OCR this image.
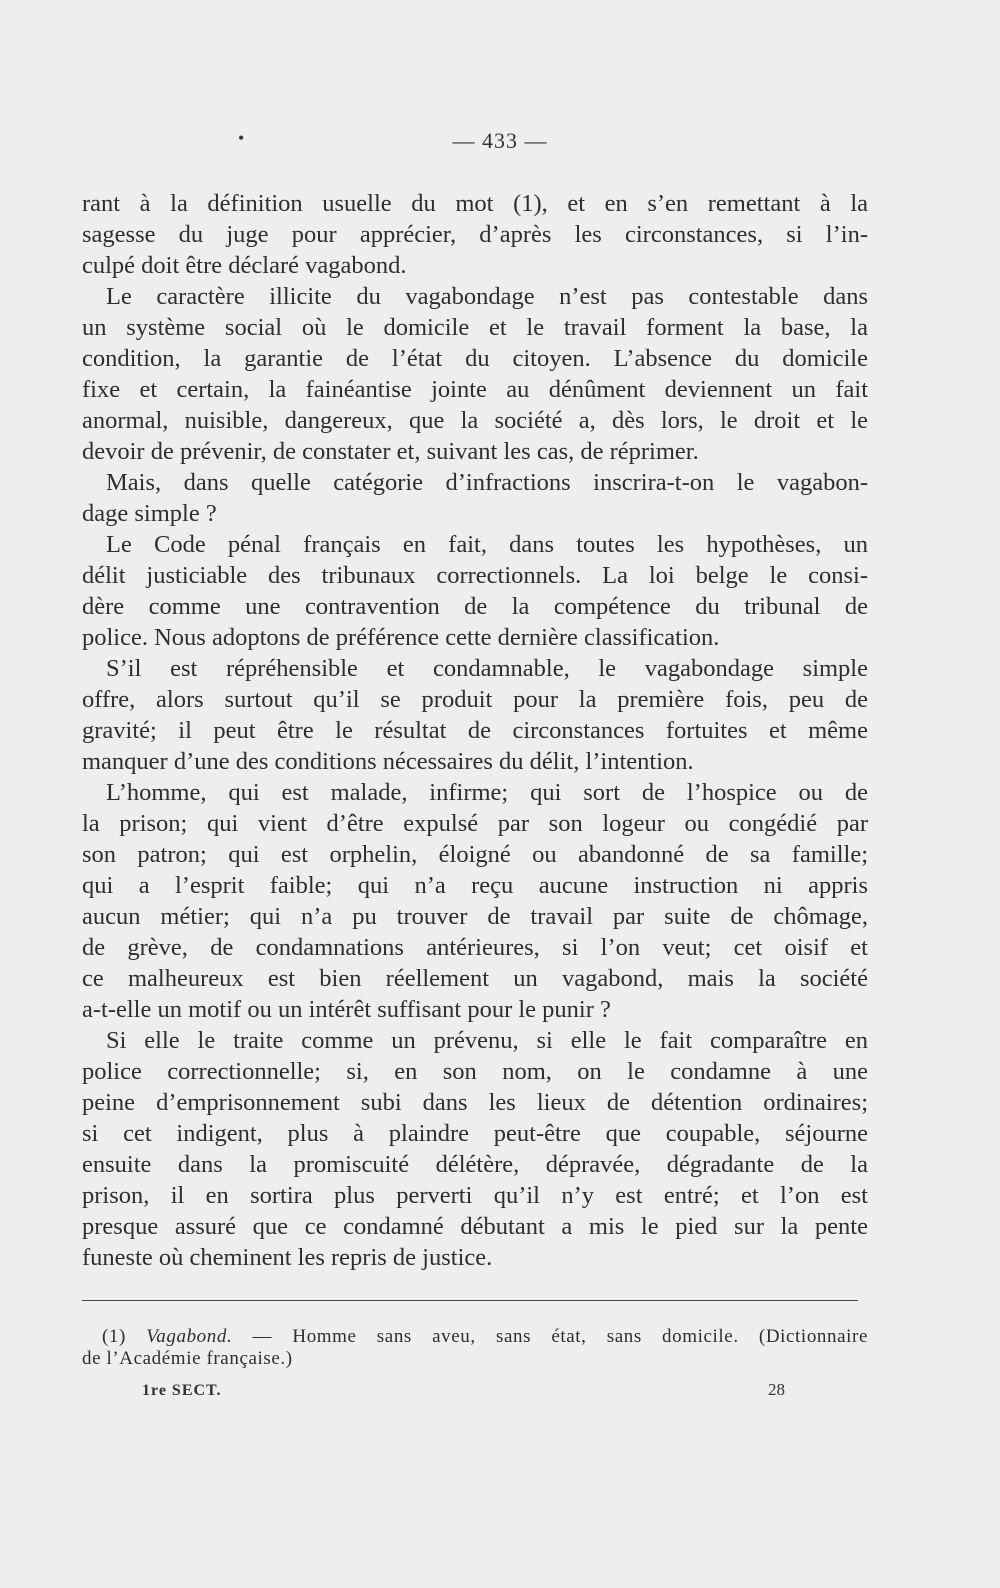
•	— 433 —
rant à la définition usuelle du mot (1), et en s’en remettant à la
sagesse du juge pour apprécier, d’après les circonstances, si l’in-
culpé doit être déclaré vagabond.
Le caractère illicite du vagabondage n’est pas contestable dans
un système social où le domicile et le travail forment la base, la
condition, la garantie de l’état du citoyen. L’absence du domicile
fixe et certain, la fainéantise jointe au dénûment deviennent un fait
anormal, nuisible, dangereux, que la société a, dès lors, le droit et le
devoir de prévenir, de constater et, suivant les cas, de réprimer.
Mais, dans quelle catégorie d’infractions inscrira-t-on le vagabon-
dage simple ?
Le Code pénal français en fait, dans toutes les hypothèses, un
délit justiciable des tribunaux correctionnels. La loi belge le consi-
dère comme une contravention de la compétence du tribunal de
police. Nous adoptons de préférence cette dernière classification.
S’il est répréhensible et condamnable, le vagabondage simple
offre, alors surtout qu’il se produit pour la première fois, peu de
gravité; il peut être le résultat de circonstances fortuites et même
manquer d’une des conditions nécessaires du délit, l’intention.
L’homme, qui est malade, infirme; qui sort de l’hospice ou de
la prison; qui vient d’être expulsé par son logeur ou congédié par
son patron; qui est orphelin, éloigné ou abandonné de sa famille;
qui a l’esprit faible; qui n’a reçu aucune instruction ni appris
aucun métier; qui n’a pu trouver de travail par suite de chômage,
de grève, de condamnations antérieures, si l’on veut; cet oisif et
ce malheureux est bien réellement un vagabond, mais la société
a-t-elle un motif ou un intérêt suffisant pour le punir ?
Si elle le traite comme un prévenu, si elle le fait comparaître en
police correctionnelle; si, en son nom, on le condamne à une
peine d’emprisonnement subi dans les lieux de détention ordinaires;
si cet indigent, plus à plaindre peut-être que coupable, séjourne
ensuite dans la promiscuité délétère, dépravée, dégradante de la
prison, il en sortira plus perverti qu’il n’y est entré; et l’on est
presque assuré que ce condamné débutant a mis le pied sur la pente
funeste où cheminent les repris de justice.
(1) Vagabond. — Homme sans aveu, sans état, sans domicile. (Dictionnaire
de l’Académie française.)
1re SECT.	28
